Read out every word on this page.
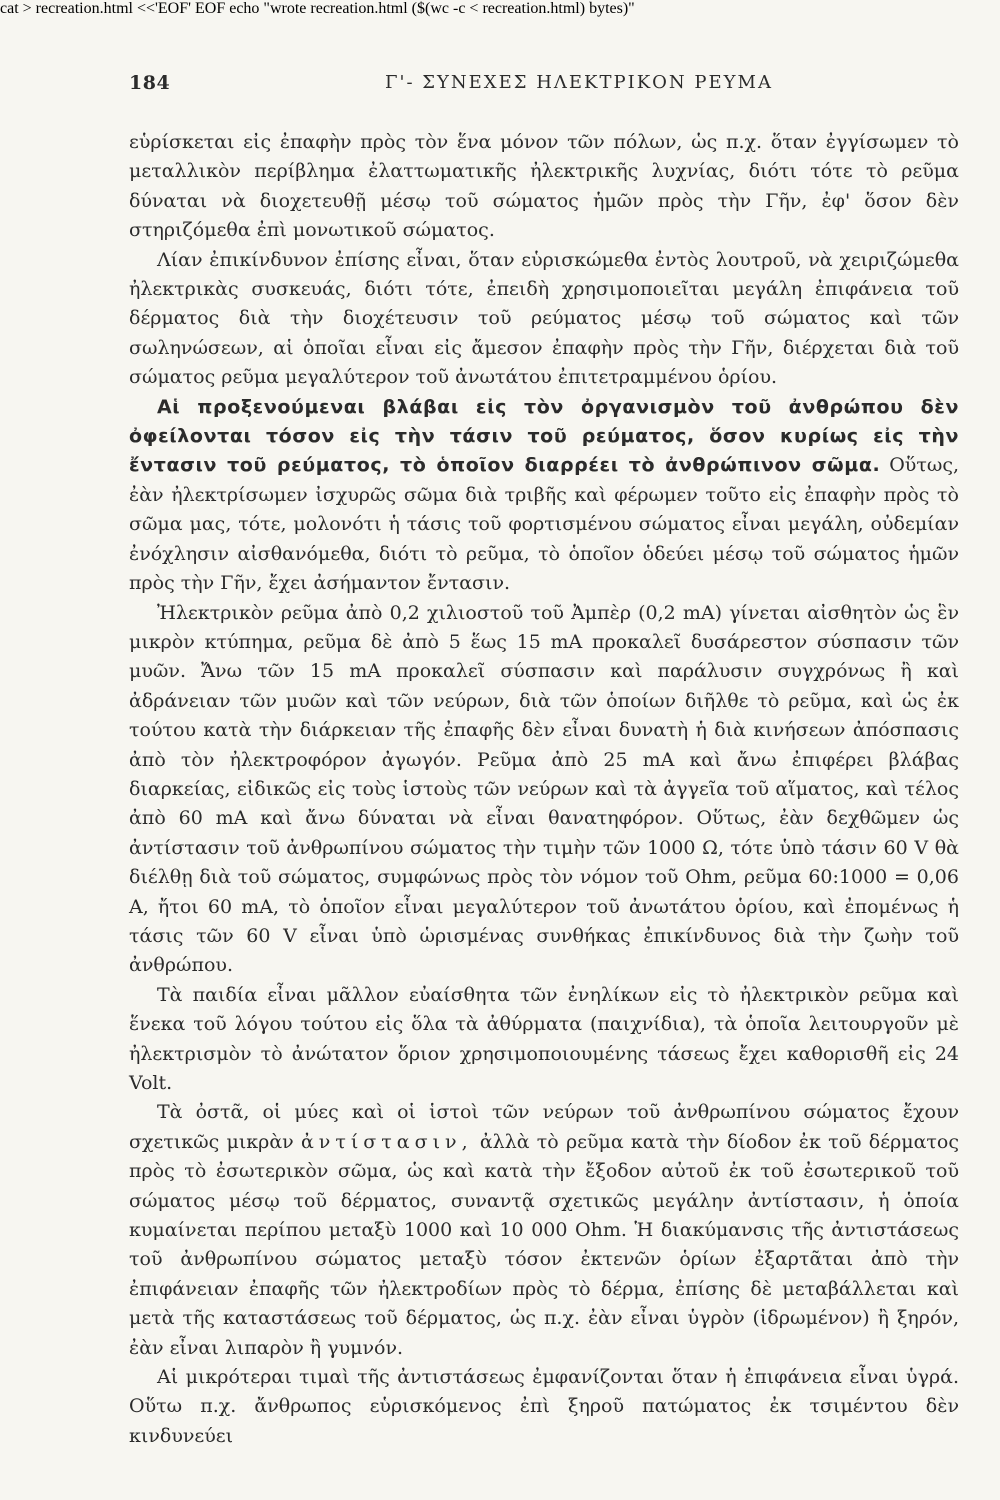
cat > recreation.html <<'EOF'
184	Γ'- ΣΥΝΕΧΕΣ ΗΛΕΚΤΡΙΚΟΝ ΡΕΥΜΑ

εὑρίσκεται εἰς ἐπαφὴν πρὸς τὸν ἕνα μόνον τῶν πόλων, ὡς π.χ. ὅταν ἐγγίσωμεν τὸ μεταλλικὸν περίβλημα ἐλαττωματικῆς ἠλεκτρικῆς λυχνίας, διότι τότε τὸ ρεῦμα δύναται νὰ διοχετευθῇ μέσῳ τοῦ σώματος ἡμῶν πρὸς τὴν Γῆν, ἐφ' ὅσον δὲν στηριζόμεθα ἐπὶ μονωτικοῦ σώματος.

Λίαν ἐπικίνδυνον ἐπίσης εἶναι, ὅταν εὑρισκώμεθα ἐντὸς λουτροῦ, νὰ χειριζώμεθα ἠλεκτρικὰς συσκευάς, διότι τότε, ἐπειδὴ χρησιμοποιεῖται μεγάλη ἐπιφάνεια τοῦ δέρματος διὰ τὴν διοχέτευσιν τοῦ ρεύματος μέσῳ τοῦ σώματος καὶ τῶν σωληνώσεων, αἱ ὁποῖαι εἶναι εἰς ἄμεσον ἐπαφὴν πρὸς τὴν Γῆν, διέρχεται διὰ τοῦ σώματος ρεῦμα μεγαλύτερον τοῦ ἀνωτάτου ἐπιτετραμμένου ὁρίου.

Αἱ προξενούμεναι βλάβαι εἰς τὸν ὀργανισμὸν τοῦ ἀνθρώπου δὲν ὀφείλονται τόσον εἰς τὴν τάσιν τοῦ ρεύματος, ὅσον κυρίως εἰς τὴν ἔντασιν τοῦ ρεύματος, τὸ ὁποῖον διαρρέει τὸ ἀνθρώπινον σῶμα. Οὕτως, ἐὰν ἠλεκτρίσωμεν ἰσχυρῶς σῶμα διὰ τριβῆς καὶ φέρωμεν τοῦτο εἰς ἐπαφὴν πρὸς τὸ σῶμα μας, τότε, μολονότι ἡ τάσις τοῦ φορτισμένου σώματος εἶναι μεγάλη, οὐδεμίαν ἐνόχλησιν αἰσθανόμεθα, διότι τὸ ρεῦμα, τὸ ὁποῖον ὁδεύει μέσῳ τοῦ σώματος ἡμῶν πρὸς τὴν Γῆν, ἔχει ἀσήμαντον ἔντασιν.

Ἠλεκτρικὸν ρεῦμα ἀπὸ 0,2 χιλιοστοῦ τοῦ Ἀμπὲρ (0,2 mA) γίνεται αἰσθητὸν ὡς ἓν μικρὸν κτύπημα, ρεῦμα δὲ ἀπὸ 5 ἕως 15 mA προκαλεῖ δυσάρεστον σύσπασιν τῶν μυῶν. Ἄνω τῶν 15 mA προκαλεῖ σύσπασιν καὶ παράλυσιν συγχρόνως ἢ καὶ ἀδράνειαν τῶν μυῶν καὶ τῶν νεύρων, διὰ τῶν ὁποίων διῆλθε τὸ ρεῦμα, καὶ ὡς ἐκ τούτου κατὰ τὴν διάρκειαν τῆς ἐπαφῆς δὲν εἶναι δυνατὴ ἡ διὰ κινήσεων ἀπόσπασις ἀπὸ τὸν ἠλεκτροφόρον ἀγωγόν. Ρεῦμα ἀπὸ 25 mA καὶ ἄνω ἐπιφέρει βλάβας διαρκείας, εἰδικῶς εἰς τοὺς ἱστοὺς τῶν νεύρων καὶ τὰ ἀγγεῖα τοῦ αἵματος, καὶ τέλος ἀπὸ 60 mA καὶ ἄνω δύναται νὰ εἶναι θανατηφόρον. Οὕτως, ἐὰν δεχθῶμεν ὡς ἀντίστασιν τοῦ ἀνθρωπίνου σώματος τὴν τιμὴν τῶν 1000 Ω, τότε ὑπὸ τάσιν 60 V θὰ διέλθῃ διὰ τοῦ σώματος, συμφώνως πρὸς τὸν νόμον τοῦ Ohm, ρεῦμα 60:1000 = 0,06 A, ἤτοι 60 mA, τὸ ὁποῖον εἶναι μεγαλύτερον τοῦ ἀνωτάτου ὁρίου, καὶ ἐπομένως ἡ τάσις τῶν 60 V εἶναι ὑπὸ ὡρισμένας συνθήκας ἐπικίνδυνος διὰ τὴν ζωὴν τοῦ ἀνθρώπου.

Τὰ παιδία εἶναι μᾶλλον εὐαίσθητα τῶν ἐνηλίκων εἰς τὸ ἠλεκτρικὸν ρεῦμα καὶ ἕνεκα τοῦ λόγου τούτου εἰς ὅλα τὰ ἀθύρματα (παιχνίδια), τὰ ὁποῖα λειτουργοῦν μὲ ἠλεκτρισμὸν τὸ ἀνώτατον ὅριον χρησιμοποιουμένης τάσεως ἔχει καθορισθῆ εἰς 24 Volt.

Τὰ ὀστᾶ, οἱ μύες καὶ οἱ ἱστοὶ τῶν νεύρων τοῦ ἀνθρωπίνου σώματος ἔχουν σχετικῶς μικρὰν ἀντίστασιν, ἀλλὰ τὸ ρεῦμα κατὰ τὴν δίοδον ἐκ τοῦ δέρματος πρὸς τὸ ἐσωτερικὸν σῶμα, ὡς καὶ κατὰ τὴν ἔξοδον αὐτοῦ ἐκ τοῦ ἐσωτερικοῦ τοῦ σώματος μέσῳ τοῦ δέρματος, συναντᾷ σχετικῶς μεγάλην ἀντίστασιν, ἡ ὁποία κυμαίνεται περίπου μεταξὺ 1000 καὶ 10 000 Ohm. Ἡ διακύμανσις τῆς ἀντιστάσεως τοῦ ἀνθρωπίνου σώματος μεταξὺ τόσον ἐκτενῶν ὁρίων ἐξαρτᾶται ἀπὸ τὴν ἐπιφάνειαν ἐπαφῆς τῶν ἠλεκτροδίων πρὸς τὸ δέρμα, ἐπίσης δὲ μεταβάλλεται καὶ μετὰ τῆς καταστάσεως τοῦ δέρματος, ὡς π.χ. ἐὰν εἶναι ὑγρὸν (ἱδρωμένον) ἢ ξηρόν, ἐὰν εἶναι λιπαρὸν ἢ γυμνόν.

Αἱ μικρότεραι τιμαὶ τῆς ἀντιστάσεως ἐμφανίζονται ὅταν ἡ ἐπιφάνεια εἶναι ὑγρά. Οὕτω π.χ. ἄνθρωπος εὑρισκόμενος ἐπὶ ξηροῦ πατώματος ἐκ τσιμέντου δὲν κινδυνεύει

EOF echo "wrote recreation.html ($(wc -c < recreation.html) bytes)"
